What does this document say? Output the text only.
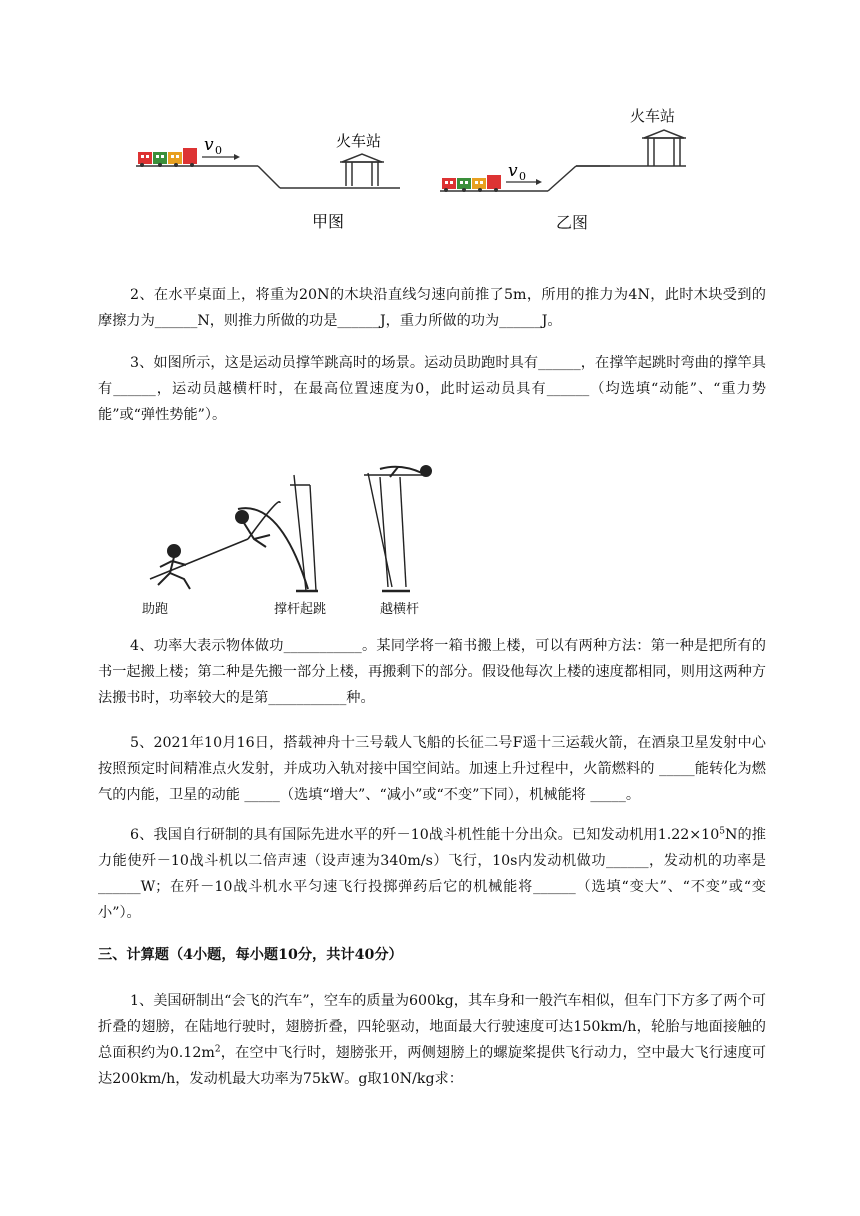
v 0
火车站
甲图
v 0
火车站
乙图

2、在水平桌面上，将重为20N的木块沿直线匀速向前推了5m，所用的推力为4N，此时木块受到的摩擦力为______N，则推力所做的功是______J，重力所做的功为______J。

3、如图所示，这是运动员撑竿跳高时的场景。运动员助跑时具有______，在撑竿起跳时弯曲的撑竿具有______，运动员越横杆时，在最高位置速度为0，此时运动员具有______（均选填“动能”、“重力势能”或“弹性势能”）。

助跑	撑杆起跳	越横杆

4、功率大表示物体做功___________。某同学将一箱书搬上楼，可以有两种方法：第一种是把所有的书一起搬上楼；第二种是先搬一部分上楼，再搬剩下的部分。假设他每次上楼的速度都相同，则用这两种方法搬书时，功率较大的是第___________种。

5、2021年10月16日，搭载神舟十三号载人飞船的长征二号F遥十三运载火箭，在酒泉卫星发射中心按照预定时间精准点火发射，并成功入轨对接中国空间站。加速上升过程中，火箭燃料的 _____能转化为燃气的内能，卫星的动能 _____（选填“增大”、“减小”或“不变”下同），机械能将 _____。

6、我国自行研制的具有国际先进水平的歼－10战斗机性能十分出众。已知发动机用$1.22\times 10^5N$的推力能使歼－10战斗机以二倍声速（设声速为340m/s）飞行，10s内发动机做功______，发动机的功率是______W；在歼－10战斗机水平匀速飞行投掷弹药后它的机械能将______（选填“变大”、“不变”或“变小”）。

三、计算题（4小题，每小题10分，共计40分）

1、美国研制出“会飞的汽车”，空车的质量为600kg，其车身和一般汽车相似，但车门下方多了两个可折叠的翅膀，在陆地行驶时，翅膀折叠，四轮驱动，地面最大行驶速度可达150km/h，轮胎与地面接触的总面积约为$0.12m^2$，在空中飞行时，翅膀张开，两侧翅膀上的螺旋桨提供飞行动力，空中最大飞行速度可达200km/h，发动机最大功率为75kW。g取10N/kg求：
